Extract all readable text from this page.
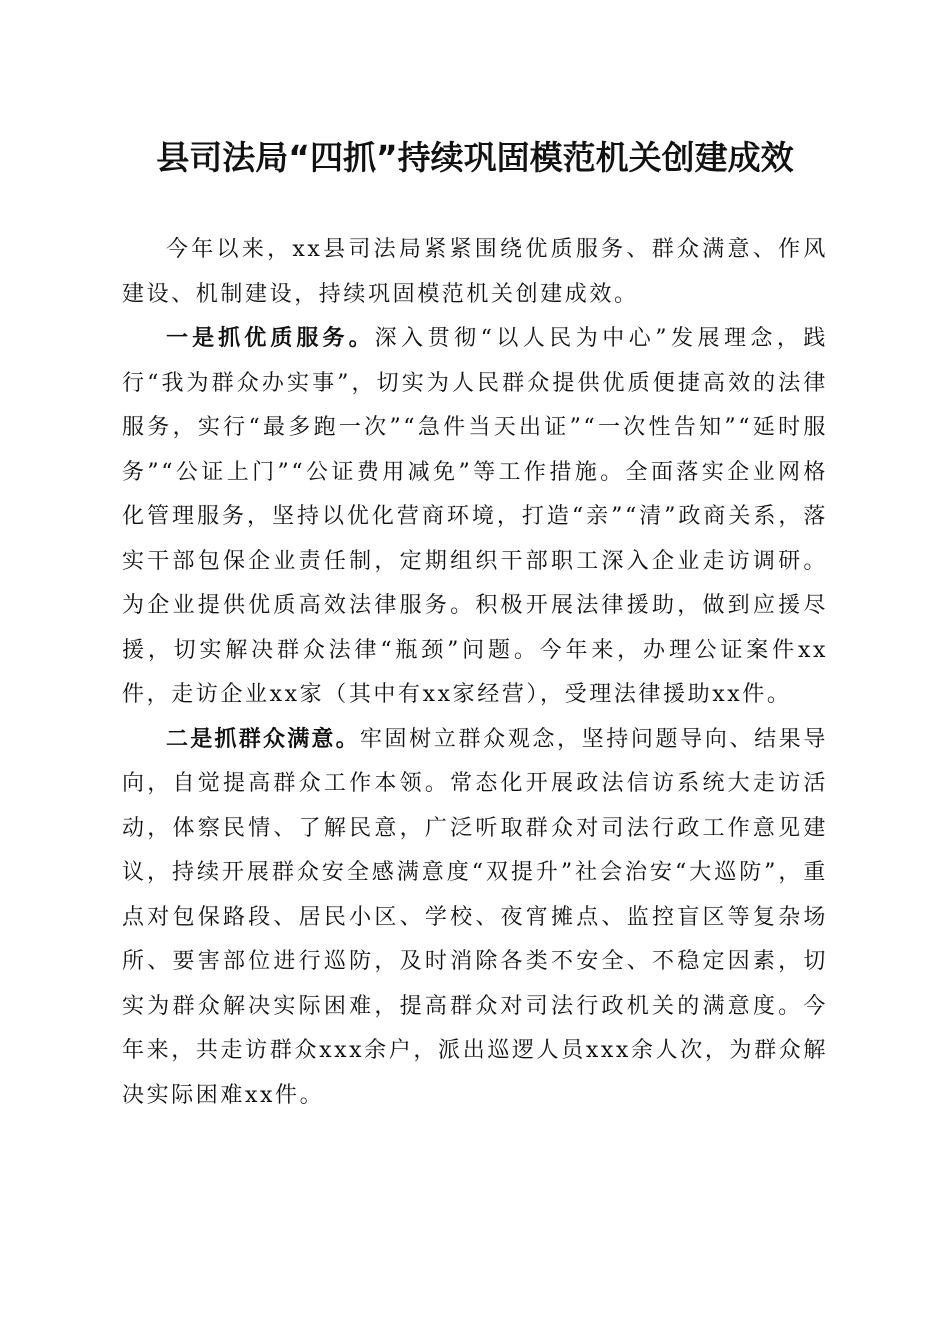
县司法局“四抓”持续巩固模范机关创建成效

今年以来，xx县司法局紧紧围绕优质服务、群众满意、作风建设、机制建设，持续巩固模范机关创建成效。

一是抓优质服务。深入贯彻“以人民为中心”发展理念，践行“我为群众办实事”，切实为人民群众提供优质便捷高效的法律服务，实行“最多跑一次”“急件当天出证”“一次性告知”“延时服务”“公证上门”“公证费用减免”等工作措施。全面落实企业网格化管理服务，坚持以优化营商环境，打造“亲”“清”政商关系，落实干部包保企业责任制，定期组织干部职工深入企业走访调研。为企业提供优质高效法律服务。积极开展法律援助，做到应援尽援，切实解决群众法律“瓶颈”问题。今年来，办理公证案件xx件，走访企业xx家（其中有xx家经营），受理法律援助xx件。

二是抓群众满意。牢固树立群众观念，坚持问题导向、结果导向，自觉提高群众工作本领。常态化开展政法信访系统大走访活动，体察民情、了解民意，广泛听取群众对司法行政工作意见建议，持续开展群众安全感满意度“双提升”社会治安“大巡防”，重点对包保路段、居民小区、学校、夜宵摊点、监控盲区等复杂场所、要害部位进行巡防，及时消除各类不安全、不稳定因素，切实为群众解决实际困难，提高群众对司法行政机关的满意度。今年来，共走访群众xxx余户，派出巡逻人员xxx余人次，为群众解决实际困难xx件。
